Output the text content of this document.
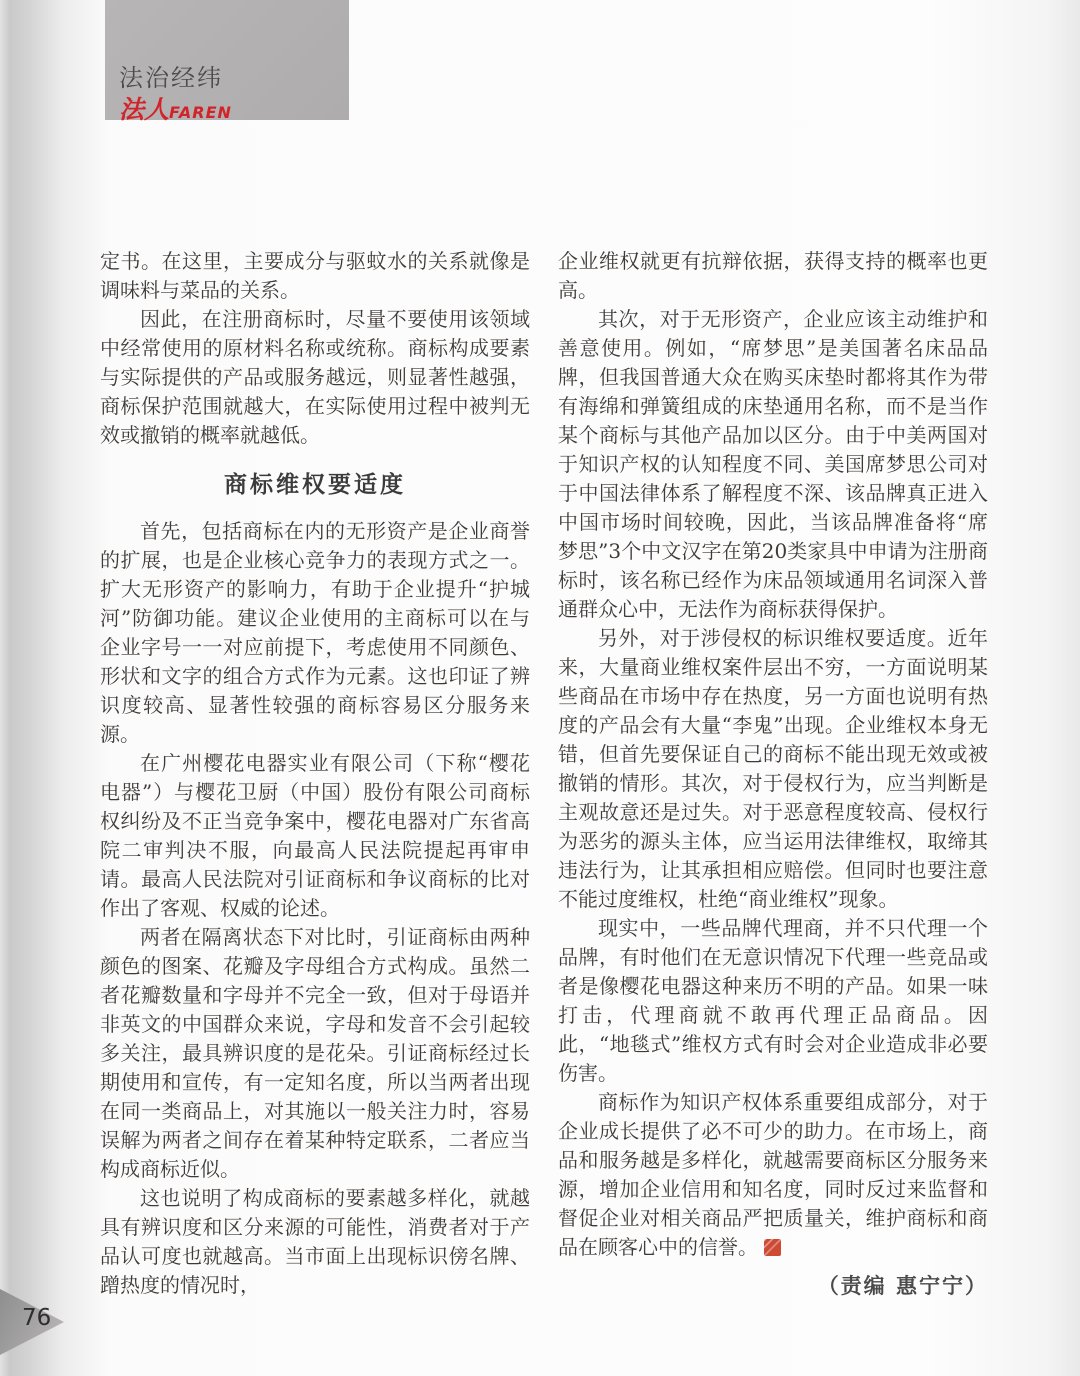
法治经纬
法人FAREN

定书。在这里，主要成分与驱蚊水的关系就像是调味料与菜品的关系。

因此，在注册商标时，尽量不要使用该领域中经常使用的原材料名称或统称。商标构成要素与实际提供的产品或服务越远，则显著性越强，商标保护范围就越大，在实际使用过程中被判无效或撤销的概率就越低。

商标维权要适度

首先，包括商标在内的无形资产是企业商誉的扩展，也是企业核心竞争力的表现方式之一。扩大无形资产的影响力，有助于企业提升“护城河”防御功能。建议企业使用的主商标可以在与企业字号一一对应前提下，考虑使用不同颜色、形状和文字的组合方式作为元素。这也印证了辨识度较高、显著性较强的商标容易区分服务来源。

在广州樱花电器实业有限公司（下称“樱花电器”）与樱花卫厨（中国）股份有限公司商标权纠纷及不正当竞争案中，樱花电器对广东省高院二审判决不服，向最高人民法院提起再审申请。最高人民法院对引证商标和争议商标的比对作出了客观、权威的论述。

两者在隔离状态下对比时，引证商标由两种颜色的图案、花瓣及字母组合方式构成。虽然二者花瓣数量和字母并不完全一致，但对于母语并非英文的中国群众来说，字母和发音不会引起较多关注，最具辨识度的是花朵。引证商标经过长期使用和宣传，有一定知名度，所以当两者出现在同一类商品上，对其施以一般关注力时，容易误解为两者之间存在着某种特定联系，二者应当构成商标近似。

这也说明了构成商标的要素越多样化，就越具有辨识度和区分来源的可能性，消费者对于产品认可度也就越高。当市面上出现标识傍名牌、蹭热度的情况时，

企业维权就更有抗辩依据，获得支持的概率也更高。

其次，对于无形资产，企业应该主动维护和善意使用。例如，“席梦思”是美国著名床品品牌，但我国普通大众在购买床垫时都将其作为带有海绵和弹簧组成的床垫通用名称，而不是当作某个商标与其他产品加以区分。由于中美两国对于知识产权的认知程度不同、美国席梦思公司对于中国法律体系了解程度不深、该品牌真正进入中国市场时间较晚，因此，当该品牌准备将“席梦思”3个中文汉字在第20类家具中申请为注册商标时，该名称已经作为床品领域通用名词深入普通群众心中，无法作为商标获得保护。

另外，对于涉侵权的标识维权要适度。近年来，大量商业维权案件层出不穷，一方面说明某些商品在市场中存在热度，另一方面也说明有热度的产品会有大量“李鬼”出现。企业维权本身无错，但首先要保证自己的商标不能出现无效或被撤销的情形。其次，对于侵权行为，应当判断是主观故意还是过失。对于恶意程度较高、侵权行为恶劣的源头主体，应当运用法律维权，取缔其违法行为，让其承担相应赔偿。但同时也要注意不能过度维权，杜绝“商业维权”现象。

现实中，一些品牌代理商，并不只代理一个品牌，有时他们在无意识情况下代理一些竞品或者是像樱花电器这种来历不明的产品。如果一味打击，代理商就不敢再代理正品商品。因此，“地毯式”维权方式有时会对企业造成非必要伤害。

商标作为知识产权体系重要组成部分，对于企业成长提供了必不可少的助力。在市场上，商品和服务越是多样化，就越需要商标区分服务来源，增加企业信用和知名度，同时反过来监督和督促企业对相关商品严把质量关，维护商标和商品在顾客心中的信誉。

（责编 惠宁宁）
76
